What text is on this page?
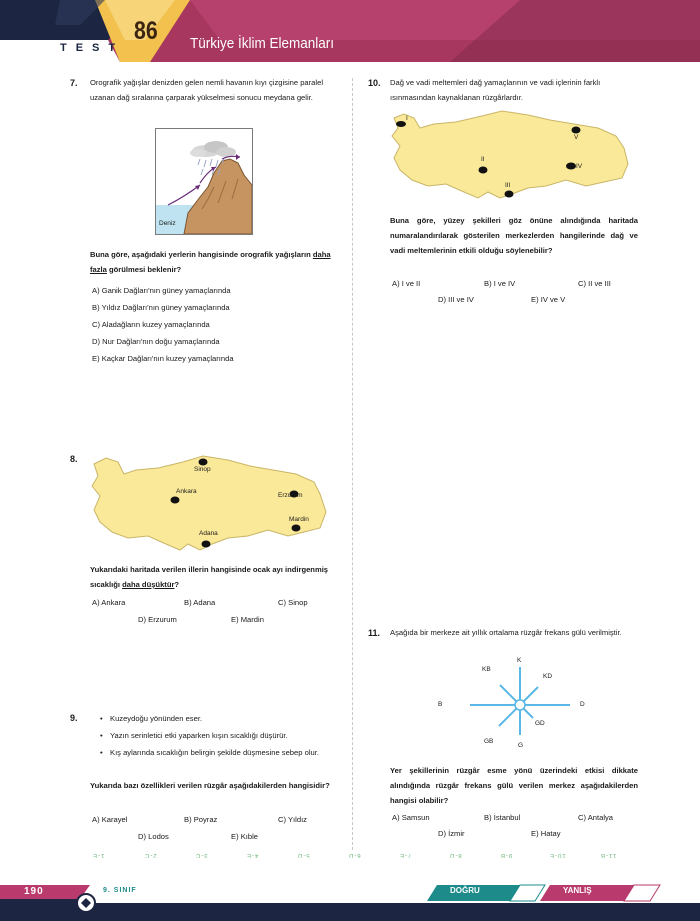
TEST
86 Türkiye İklim Elemanları
7. Orografik yağışlar denizden gelen nemli havanın kıyı çizgisine paralel uzanan dağ sıralarına çarparak yükselmesi sonucu meydana gelir.
Deniz
Buna göre, aşağıdaki yerlerin hangisinde orografik yağışların daha fazla görülmesi beklenir?
A) Ganik Dağları'nın güney yamaçlarında
B) Yıldız Dağları'nın güney yamaçlarında
C) Aladağların kuzey yamaçlarında
D) Nur Dağları'nın doğu yamaçlarında
E) Kaçkar Dağları'nın kuzey yamaçlarında
8.
Sinop
Ankara
Erzurum
Mardin
Adana
Yukarıdaki haritada verilen illerin hangisinde ocak ayı indirgenmiş sıcaklığı daha düşüktür?
A) Ankara	B) Adana	C) Sinop
D) Erzurum	E) Mardin
9.
•	Kuzeydoğu yönünden eser.
• Yazın serinletici etki yaparken kışın sıcaklığı düşürür.
• Kış aylarında sıcaklığın belirgin şekilde düşmesine sebep olur.
Yukarıda bazı özellikleri verilen rüzgâr aşağıdakilerden hangisidir?
A) Karayel	B) Poyraz	C) Yıldız
D) Lodos	E) Kıble
10. Dağ ve vadi meltemleri dağ yamaçlarının ve vadi içlerinin farklı ısınmasından kaynaklanan rüzgârlardır.
I
II
III
IV
V
Buna göre, yüzey şekilleri göz önüne alındığında haritada numaralandırılarak gösterilen merkezlerden hangilerinde dağ ve vadi meltemlerinin etkili olduğu söylenebilir?
A) I ve II	B) I ve IV	C) II ve III
D) III ve IV	E) IV ve V
11. Aşağıda bir merkeze ait yıllık ortalama rüzgâr frekans gülü verilmiştir.
K
KD
D
GD
G
GB
B
KB
Yer şekillerinin rüzgâr esme yönü üzerindeki etkisi dikkate alındığında rüzgâr frekans gülü verilen merkez aşağıdakilerden hangisi olabilir?
A) Samsun	B) İstanbul	C) Antalya
D) İzmir	E) Hatay
1-E	2-C	3-C	4-E	5-D	6-D	7-E	8-D	9-B	10-E	11-B
190	9. SINIF	DOĞRU	YANLIŞ
